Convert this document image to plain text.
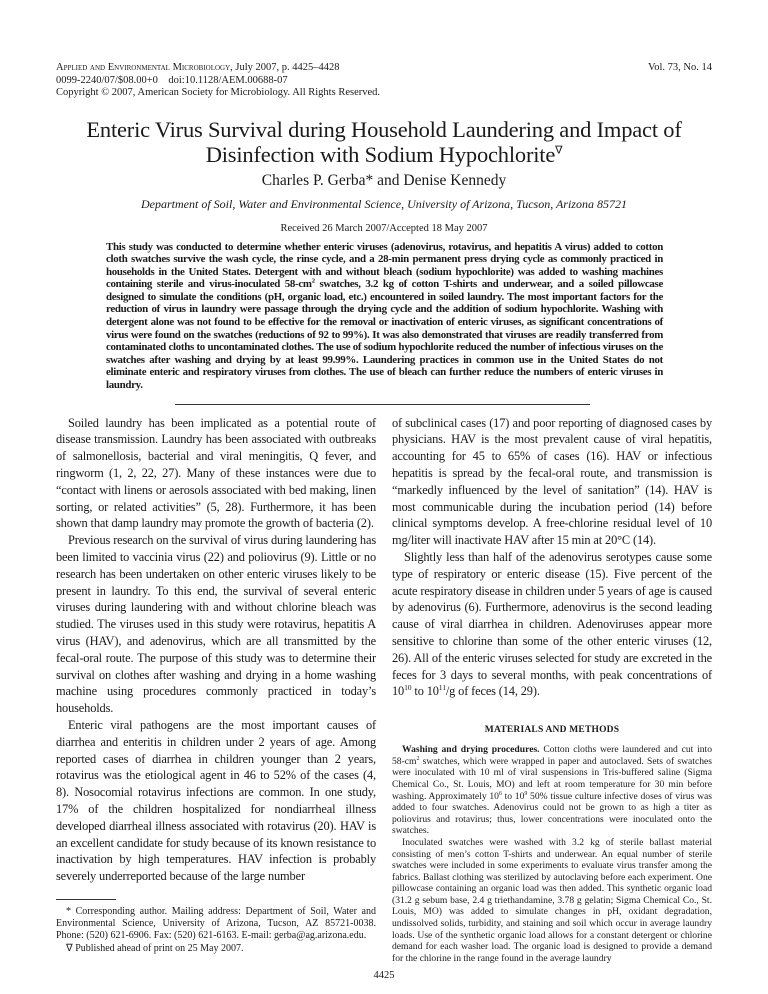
Applied and Environmental Microbiology, July 2007, p. 4425–4428
0099-2240/07/$08.00+0    doi:10.1128/AEM.00688-07
Copyright © 2007, American Society for Microbiology. All Rights Reserved.
Vol. 73, No. 14
Enteric Virus Survival during Household Laundering and Impact of Disinfection with Sodium Hypochlorite∇
Charles P. Gerba* and Denise Kennedy
Department of Soil, Water and Environmental Science, University of Arizona, Tucson, Arizona 85721
Received 26 March 2007/Accepted 18 May 2007
This study was conducted to determine whether enteric viruses (adenovirus, rotavirus, and hepatitis A virus) added to cotton cloth swatches survive the wash cycle, the rinse cycle, and a 28-min permanent press drying cycle as commonly practiced in households in the United States. Detergent with and without bleach (sodium hypochlorite) was added to washing machines containing sterile and virus-inoculated $58-cm^2$ swatches, 3.2 kg of cotton T-shirts and underwear, and a soiled pillowcase designed to simulate the conditions (pH, organic load, etc.) encountered in soiled laundry. The most important factors for the reduction of virus in laundry were passage through the drying cycle and the addition of sodium hypochlorite. Washing with detergent alone was not found to be effective for the removal or inactivation of enteric viruses, as significant concentrations of virus were found on the swatches (reductions of 92 to 99%). It was also demonstrated that viruses are readily transferred from contaminated cloths to uncontaminated clothes. The use of sodium hypochlorite reduced the number of infectious viruses on the swatches after washing and drying by at least 99.99%. Laundering practices in common use in the United States do not eliminate enteric and respiratory viruses from clothes. The use of bleach can further reduce the numbers of enteric viruses in laundry.

Soiled laundry has been implicated as a potential route of disease transmission. Laundry has been associated with outbreaks of salmonellosis, bacterial and viral meningitis, Q fever, and ringworm (1, 2, 22, 27). Many of these instances were due to “contact with linens or aerosols associated with bed making, linen sorting, or related activities” (5, 28). Furthermore, it has been shown that damp laundry may promote the growth of bacteria (2).

Previous research on the survival of virus during laundering has been limited to vaccinia virus (22) and poliovirus (9). Little or no research has been undertaken on other enteric viruses likely to be present in laundry. To this end, the survival of several enteric viruses during laundering with and without chlorine bleach was studied. The viruses used in this study were rotavirus, hepatitis A virus (HAV), and adenovirus, which are all transmitted by the fecal-oral route. The purpose of this study was to determine their survival on clothes after washing and drying in a home washing machine using procedures commonly practiced in today’s households.

Enteric viral pathogens are the most important causes of diarrhea and enteritis in children under 2 years of age. Among reported cases of diarrhea in children younger than 2 years, rotavirus was the etiological agent in 46 to 52% of the cases (4, 8). Nosocomial rotavirus infections are common. In one study, 17% of the children hospitalized for nondiarrheal illness developed diarrheal illness associated with rotavirus (20). HAV is an excellent candidate for study because of its known resistance to inactivation by high temperatures. HAV infection is probably severely underreported because of the large number

* Corresponding author. Mailing address: Department of Soil, Water and Environmental Science, University of Arizona, Tucson, AZ 85721-0038. Phone: (520) 621-6906. Fax: (520) 621-6163. E-mail: gerba@ag.arizona.edu.

∇ Published ahead of print on 25 May 2007.

of subclinical cases (17) and poor reporting of diagnosed cases by physicians. HAV is the most prevalent cause of viral hepatitis, accounting for 45 to 65% of cases (16). HAV or infectious hepatitis is spread by the fecal-oral route, and transmission is “markedly influenced by the level of sanitation” (14). HAV is most communicable during the incubation period (14) before clinical symptoms develop. A free-chlorine residual level of 10 mg/liter will inactivate HAV after 15 min at 20°C (14).

Slightly less than half of the adenovirus serotypes cause some type of respiratory or enteric disease (15). Five percent of the acute respiratory disease in children under 5 years of age is caused by adenovirus (6). Furthermore, adenovirus is the second leading cause of viral diarrhea in children. Adenoviruses appear more sensitive to chlorine than some of the other enteric viruses (12, 26). All of the enteric viruses selected for study are excreted in the feces for 3 days to several months, with peak concentrations of $10^{10}$ to $10^{11}/g$ of feces (14, 29).

MATERIALS AND METHODS

Washing and drying procedures. Cotton cloths were laundered and cut into $58-cm^2$ swatches, which were wrapped in paper and autoclaved. Sets of swatches were inoculated with 10 ml of viral suspensions in Tris-buffered saline (Sigma Chemical Co., St. Louis, MO) and left at room temperature for 30 min before washing. Approximately $10^6$ to $10^9$ 50% tissue culture infective doses of virus was added to four swatches. Adenovirus could not be grown to as high a titer as poliovirus and rotavirus; thus, lower concentrations were inoculated onto the swatches.

Inoculated swatches were washed with 3.2 kg of sterile ballast material consisting of men’s cotton T-shirts and underwear. An equal number of sterile swatches were included in some experiments to evaluate virus transfer among the fabrics. Ballast clothing was sterilized by autoclaving before each experiment. One pillowcase containing an organic load was then added. This synthetic organic load (31.2 g sebum base, 2.4 g triethandamine, 3.78 g gelatin; Sigma Chemical Co., St. Louis, MO) was added to simulate changes in pH, oxidant degradation, undissolved solids, turbidity, and staining and soil which occur in average laundry loads. Use of the synthetic organic load allows for a constant detergent or chlorine demand for each washer load. The organic load is designed to provide a demand for the chlorine in the range found in the average laundry

4425
